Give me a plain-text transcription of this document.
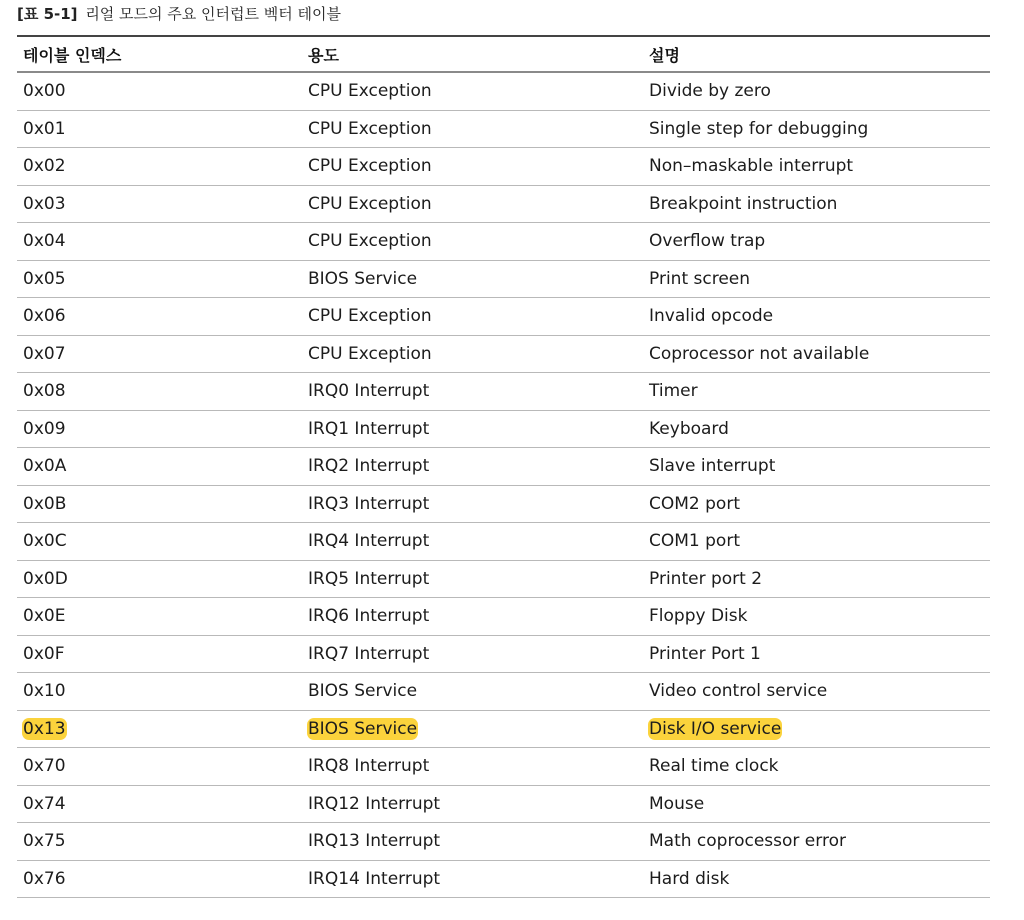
[표 5-1] 리얼 모드의 주요 인터럽트 벡터 테이블
테이블 인덱스	용도	설명
0x00	CPU Exception	Divide by zero
0x01	CPU Exception	Single step for debugging
0x02	CPU Exception	Non–maskable interrupt
0x03	CPU Exception	Breakpoint instruction
0x04	CPU Exception	Overflow trap
0x05	BIOS Service	Print screen
0x06	CPU Exception	Invalid opcode
0x07	CPU Exception	Coprocessor not available
0x08	IRQ0 Interrupt	Timer
0x09	IRQ1 Interrupt	Keyboard
0x0A	IRQ2 Interrupt	Slave interrupt
0x0B	IRQ3 Interrupt	COM2 port
0x0C	IRQ4 Interrupt	COM1 port
0x0D	IRQ5 Interrupt	Printer port 2
0x0E	IRQ6 Interrupt	Floppy Disk
0x0F	IRQ7 Interrupt	Printer Port 1
0x10	BIOS Service	Video control service
0x13	BIOS Service	Disk I/O service
0x70	IRQ8 Interrupt	Real time clock
0x74	IRQ12 Interrupt	Mouse
0x75	IRQ13 Interrupt	Math coprocessor error
0x76	IRQ14 Interrupt	Hard disk
